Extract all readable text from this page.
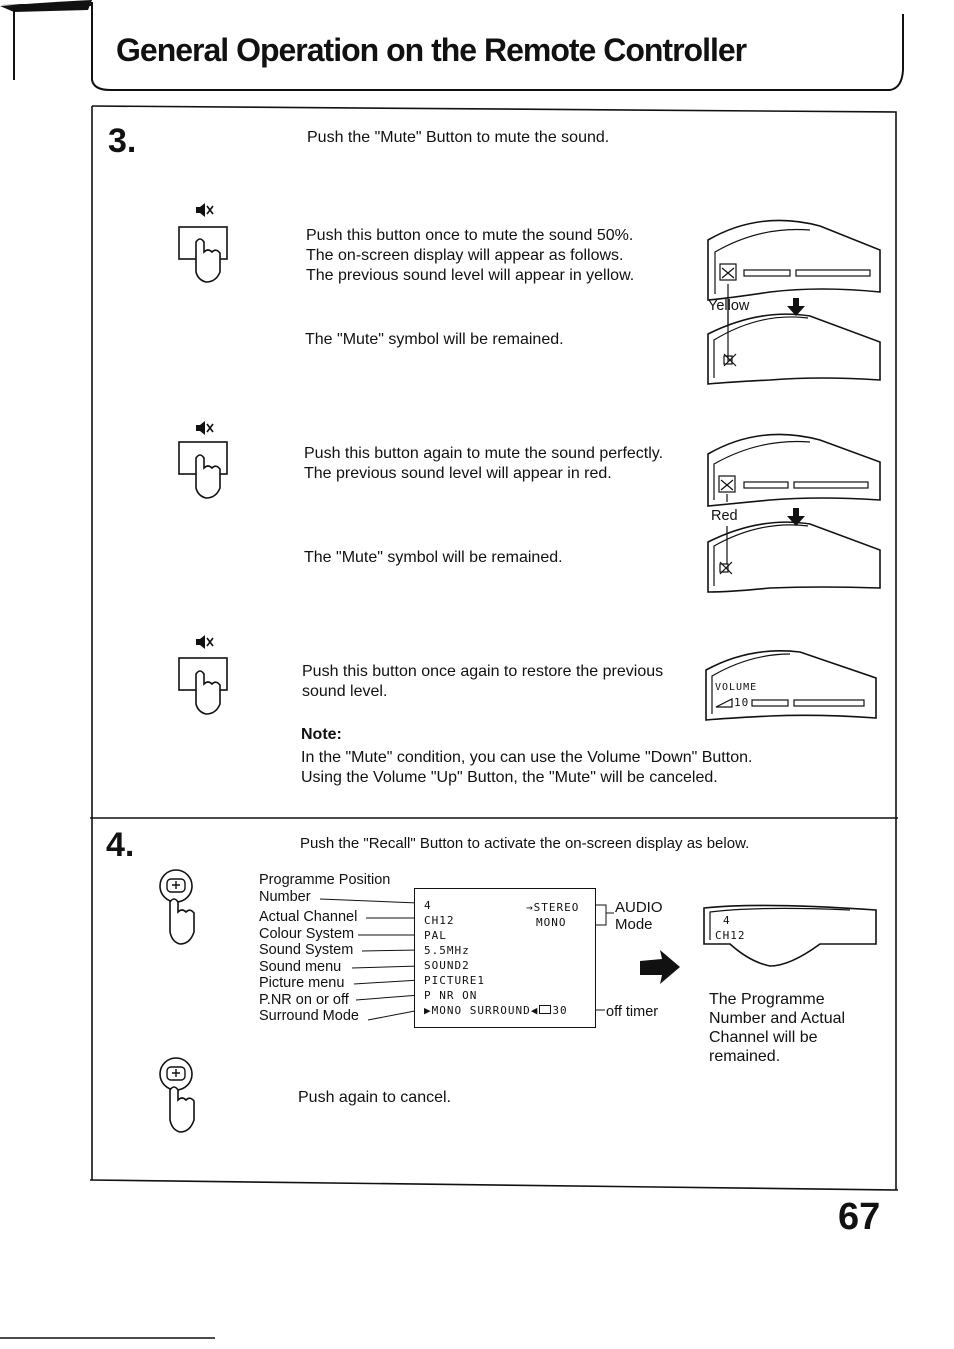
General Operation on the Remote Controller
3.	Push the "Mute" Button to mute the sound.
Push this button once to mute the sound 50%.
The on-screen display will appear as follows.
The previous sound level will appear in yellow.
The "Mute" symbol will be remained.
Yellow
Push this button again to mute the sound perfectly.
The previous sound level will appear in red.
The "Mute" symbol will be remained.
Red
Push this button once again to restore the previous
sound level.	VOLUME
10
Note:
In the "Mute" condition, you can use the Volume "Down" Button.
Using the Volume "Up" Button, the "Mute" will be canceled.
4.	Push the "Recall" Button to activate the on-screen display as below.
Programme Position
Number
Actual Channel
Colour System
Sound System
Sound menu
Picture menu
P.NR on or off
Surround Mode
4
CH12
PAL
5.5MHz
SOUND2
PICTURE1
P NR ON
▶MONO SURROUND◀ 30
→STEREO
MONO
AUDIO
Mode
off timer
4
CH12
The Programme
Number and Actual
Channel will be
remained.
Push again to cancel.
67
